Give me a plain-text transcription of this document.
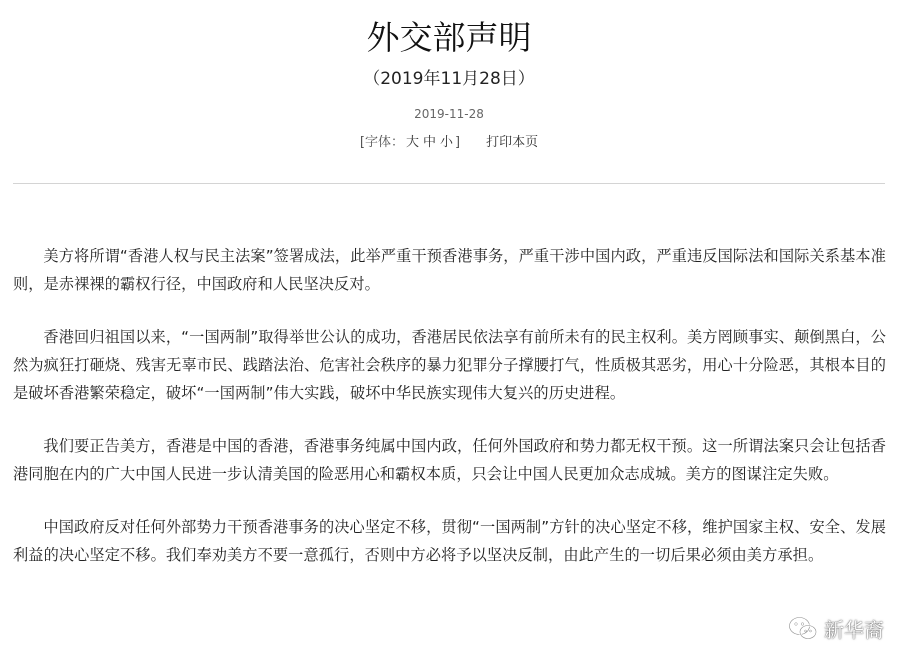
外交部声明
（2019年11月28日）
2019-11-28
[字体： 大 中 小 ] 打印本页

美方将所谓“香港人权与民主法案”签署成法，此举严重干预香港事务，严重干涉中国内政，严重违反国际法和国际关系基本准则，是赤裸裸的霸权行径，中国政府和人民坚决反对。

香港回归祖国以来，“一国两制”取得举世公认的成功，香港居民依法享有前所未有的民主权利。美方罔顾事实、颠倒黑白，公然为疯狂打砸烧、残害无辜市民、践踏法治、危害社会秩序的暴力犯罪分子撑腰打气，性质极其恶劣，用心十分险恶，其根本目的是破坏香港繁荣稳定，破坏“一国两制”伟大实践，破坏中华民族实现伟大复兴的历史进程。

我们要正告美方，香港是中国的香港，香港事务纯属中国内政，任何外国政府和势力都无权干预。这一所谓法案只会让包括香港同胞在内的广大中国人民进一步认清美国的险恶用心和霸权本质，只会让中国人民更加众志成城。美方的图谋注定失败。

中国政府反对任何外部势力干预香港事务的决心坚定不移，贯彻“一国两制”方针的决心坚定不移，维护国家主权、安全、发展利益的决心坚定不移。我们奉劝美方不要一意孤行，否则中方必将予以坚决反制，由此产生的一切后果必须由美方承担。

新华裔
